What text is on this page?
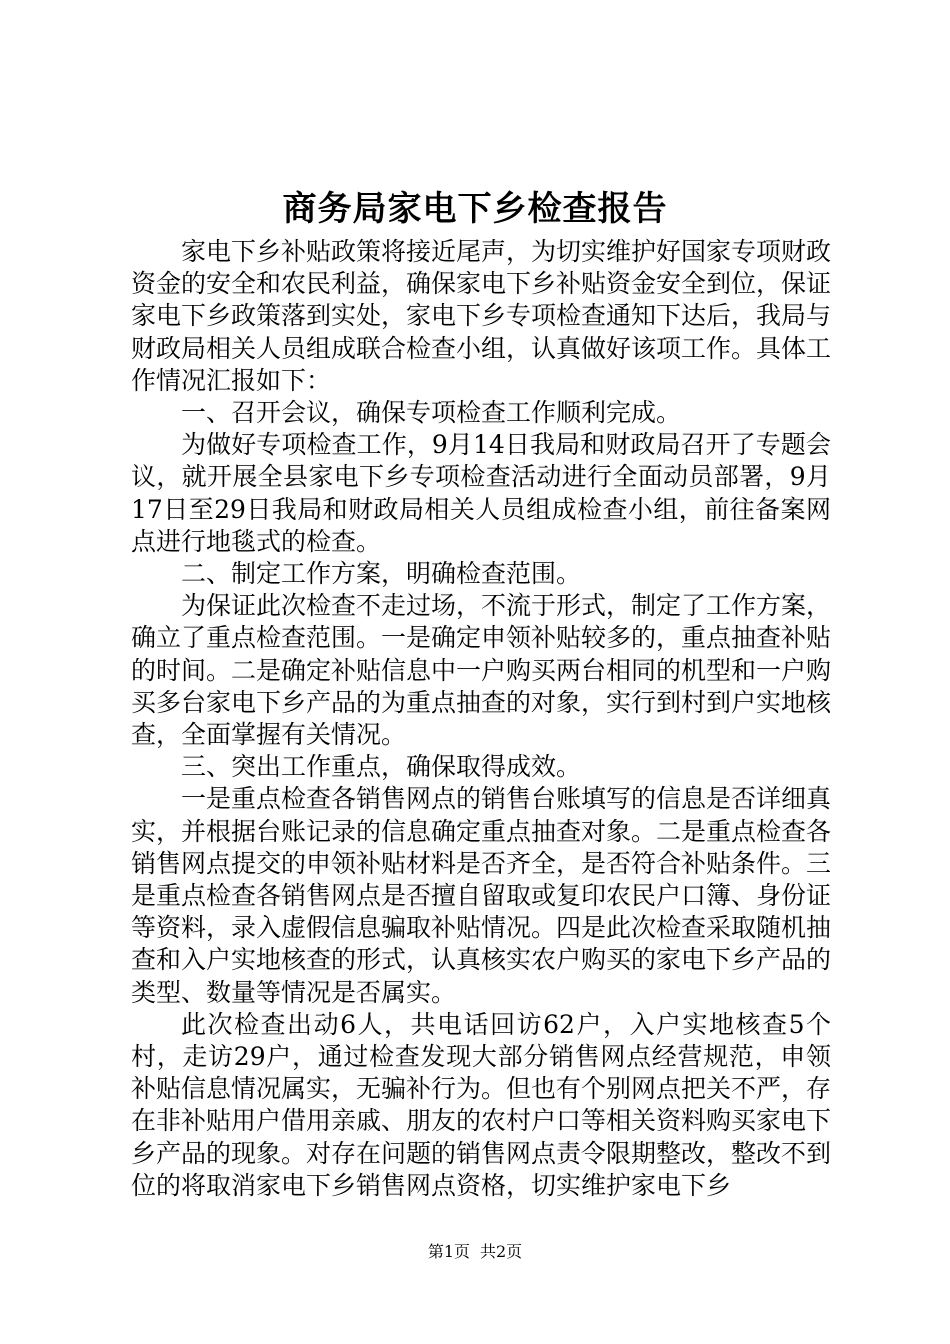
商务局家电下乡检查报告

家电下乡补贴政策将接近尾声，为切实维护好国家专项财政资金的安全和农民利益，确保家电下乡补贴资金安全到位，保证家电下乡政策落到实处，家电下乡专项检查通知下达后，我局与财政局相关人员组成联合检查小组，认真做好该项工作。具体工作情况汇报如下：

一、召开会议，确保专项检查工作顺利完成。

为做好专项检查工作，9月14日我局和财政局召开了专题会议，就开展全县家电下乡专项检查活动进行全面动员部署，9月17日至29日我局和财政局相关人员组成检查小组，前往备案网点进行地毯式的检查。

二、制定工作方案，明确检查范围。

为保证此次检查不走过场，不流于形式，制定了工作方案，确立了重点检查范围。一是确定申领补贴较多的，重点抽查补贴的时间。二是确定补贴信息中一户购买两台相同的机型和一户购买多台家电下乡产品的为重点抽查的对象，实行到村到户实地核查，全面掌握有关情况。

三、突出工作重点，确保取得成效。

一是重点检查各销售网点的销售台账填写的信息是否详细真实，并根据台账记录的信息确定重点抽查对象。二是重点检查各销售网点提交的申领补贴材料是否齐全，是否符合补贴条件。三是重点检查各销售网点是否擅自留取或复印农民户口簿、身份证等资料，录入虚假信息骗取补贴情况。四是此次检查采取随机抽查和入户实地核查的形式，认真核实农户购买的家电下乡产品的类型、数量等情况是否属实。

此次检查出动6人，共电话回访62户，入户实地核查5个村，走访29户，通过检查发现大部分销售网点经营规范，申领补贴信息情况属实，无骗补行为。但也有个别网点把关不严，存在非补贴用户借用亲戚、朋友的农村户口等相关资料购买家电下乡产品的现象。对存在问题的销售网点责令限期整改，整改不到位的将取消家电下乡销售网点资格，切实维护家电下乡

第1页 共2页
